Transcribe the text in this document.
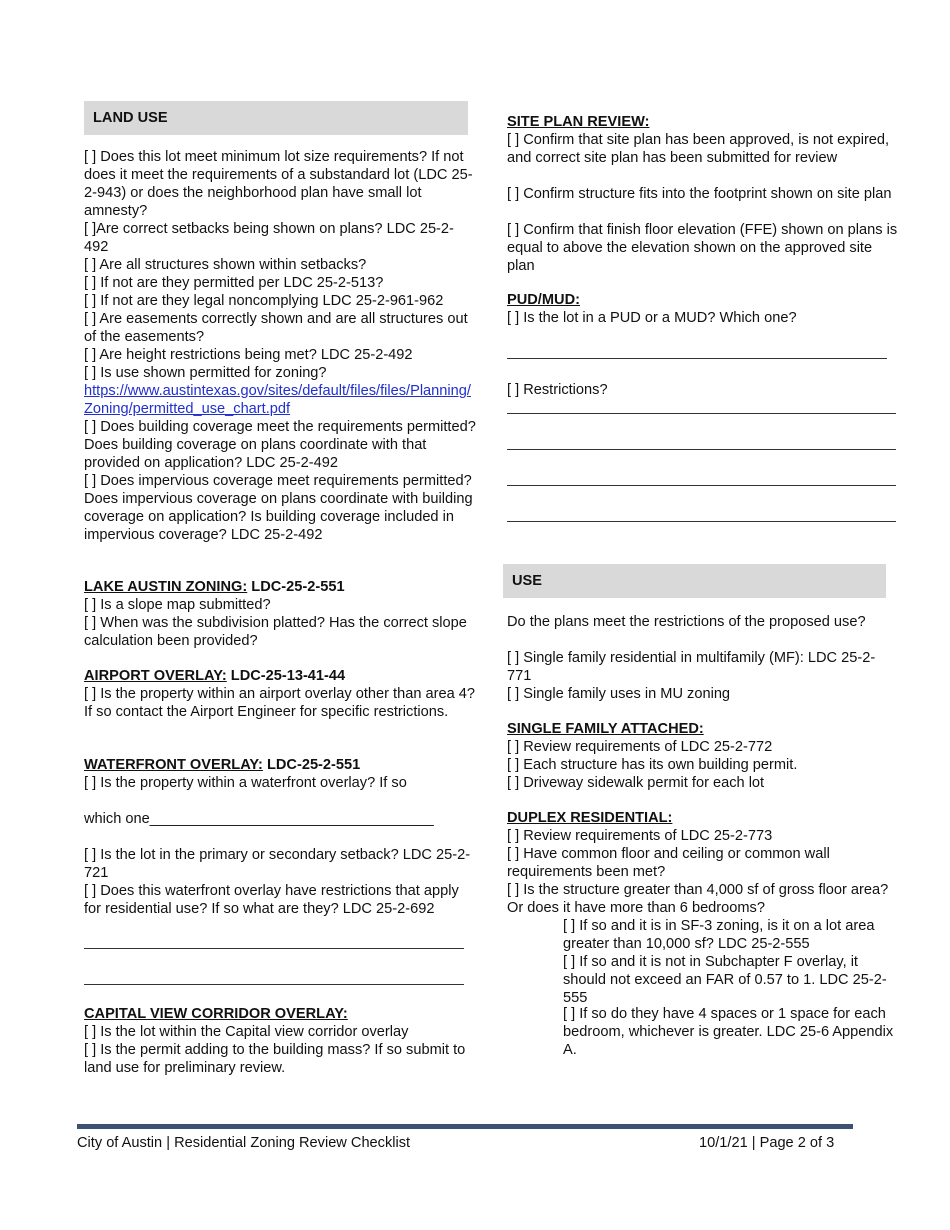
LAND USE

[ ] Does this lot meet minimum lot size requirements? If not does it meet the requirements of a substandard lot (LDC 25-2-943) or does the neighborhood plan have small lot amnesty?

[ ]Are correct setbacks being shown on plans? LDC 25-2-492

[ ] Are all structures shown within setbacks?

[ ] If not are they permitted per LDC 25-2-513?

[ ] If not are they legal noncomplying LDC 25-2-961-962

[ ] Are easements correctly shown and are all structures out of the easements?

[ ] Are height restrictions being met? LDC 25-2-492

[ ] Is use shown permitted for zoning?

https://www.austintexas.gov/sites/default/files/files/Planning/Zoning/permitted_use_chart.pdf

[ ] Does building coverage meet the requirements permitted? Does building coverage on plans coordinate with that provided on application? LDC 25-2-492

[ ] Does impervious coverage meet requirements permitted? Does impervious coverage on plans coordinate with building coverage on application? Is building coverage included in impervious coverage? LDC 25-2-492

LAKE AUSTIN ZONING: LDC-25-2-551

[ ] Is a slope map submitted?

[ ] When was the subdivision platted? Has the correct slope calculation been provided?

AIRPORT OVERLAY: LDC-25-13-41-44

[ ] Is the property within an airport overlay other than area 4? If so contact the Airport Engineer for specific restrictions.

WATERFRONT OVERLAY: LDC-25-2-551

[ ] Is the property within a waterfront overlay? If so

which one___________________________________

[ ] Is the lot in the primary or secondary setback? LDC 25-2-721

[ ] Does this waterfront overlay have restrictions that apply for residential use? If so what are they? LDC 25-2-692

CAPITAL VIEW CORRIDOR OVERLAY:

[ ] Is the lot within the Capital view corridor overlay

[ ] Is the permit adding to the building mass? If so submit to land use for preliminary review.

SITE PLAN REVIEW:

[ ] Confirm that site plan has been approved, is not expired, and correct site plan has been submitted for review

[ ] Confirm structure fits into the footprint shown on site plan

[ ] Confirm that finish floor elevation (FFE) shown on plans is equal to above the elevation shown on the approved site plan

PUD/MUD:

[ ] Is the lot in a PUD or a MUD? Which one?

[ ] Restrictions?

USE

Do the plans meet the restrictions of the proposed use?

[ ] Single family residential in multifamily (MF): LDC 25-2-771

[ ] Single family uses in MU zoning

SINGLE FAMILY ATTACHED:

[ ] Review requirements of LDC 25-2-772

[ ] Each structure has its own building permit.

[ ] Driveway sidewalk permit for each lot

DUPLEX RESIDENTIAL:

[ ] Review requirements of LDC 25-2-773

[ ] Have common floor and ceiling or common wall requirements been met?

[ ] Is the structure greater than 4,000 sf of gross floor area? Or does it have more than 6 bedrooms?

[ ] If so and it is in SF-3 zoning, is it on a lot area greater than 10,000 sf? LDC 25-2-555

[ ] If so and it is not in Subchapter F overlay, it should not exceed an FAR of 0.57 to 1. LDC 25-2-555

[ ] If so do they have 4 spaces or 1 space for each bedroom, whichever is greater. LDC 25-6 Appendix A.

City of Austin | Residential Zoning Review Checklist	10/1/21 | Page 2 of 3
